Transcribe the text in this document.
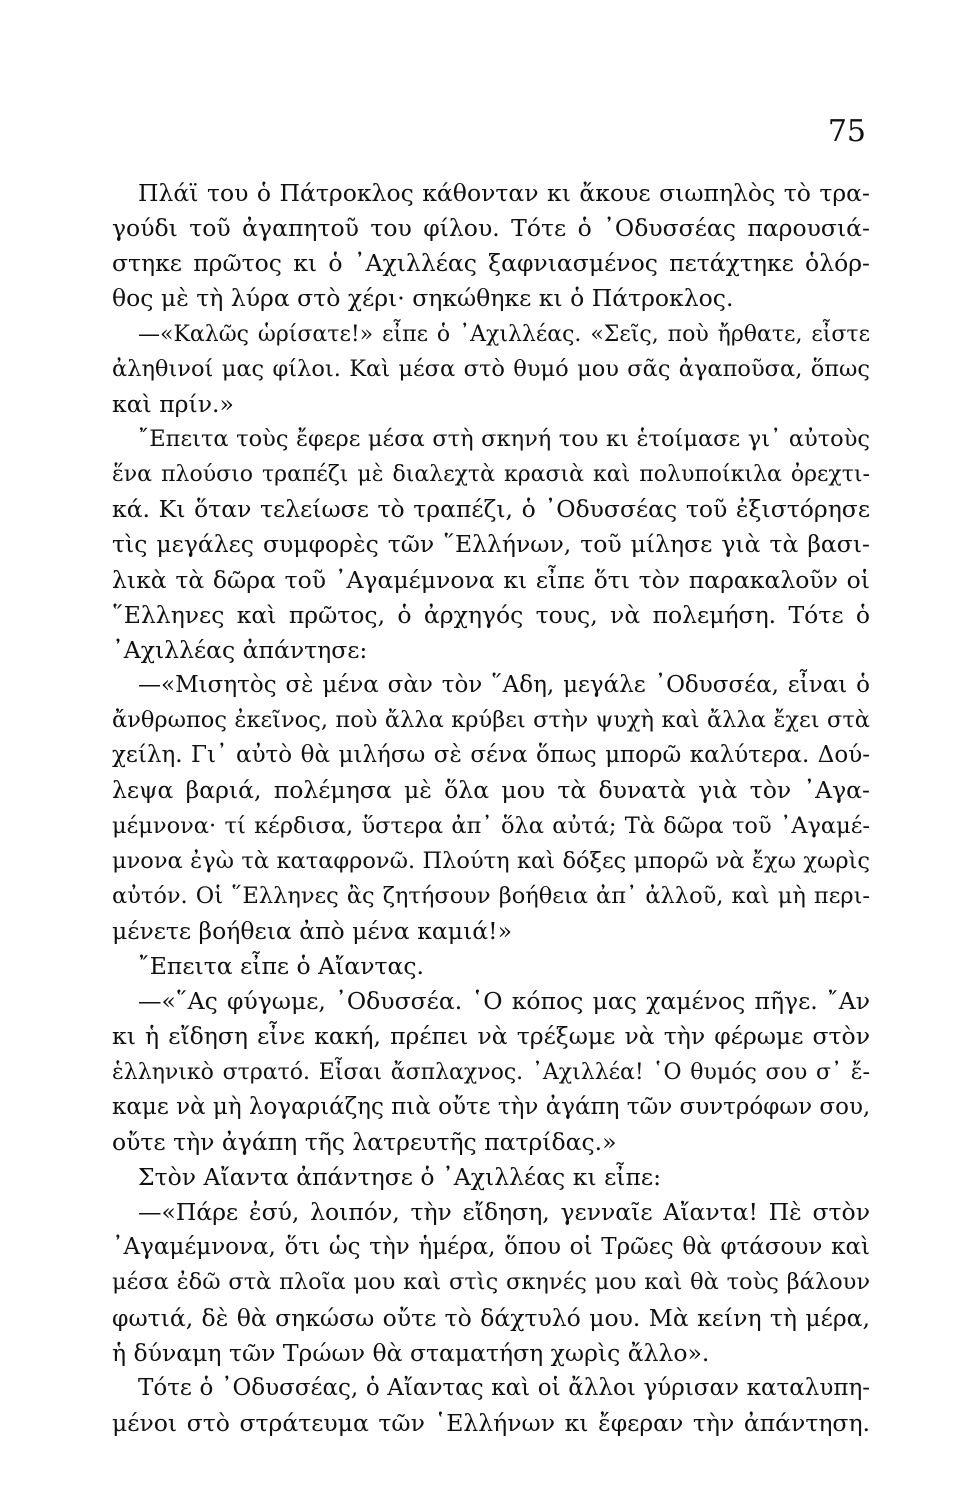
75
Πλάϊ του ὁ Πάτροκλος κάθονταν κι ἄκουε σιωπηλὸς τὸ τρα-
γούδι τοῦ ἀγαπητοῦ του φίλου. Τότε ὁ ᾿Οδυσσέας παρουσιά-
στηκε πρῶτος κι ὁ ᾿Αχιλλέας ξαφνιασμένος πετάχτηκε ὁλόρ-
θος μὲ τὴ λύρα στὸ χέρι· σηκώθηκε κι ὁ Πάτροκλος.
—«Καλῶς ὡρίσατε!» εἶπε ὁ ᾿Αχιλλέας. «Σεῖς, ποὺ ἤρθατε, εἶστε
ἀληθινοί μας φίλοι. Καὶ μέσα στὸ θυμό μου σᾶς ἀγαποῦσα, ὅπως
καὶ πρίν.»
῎Επειτα τοὺς ἔφερε μέσα στὴ σκηνή του κι ἑτοίμασε γι᾿ αὐτοὺς
ἕνα πλούσιο τραπέζι μὲ διαλεχτὰ κρασιὰ καὶ πολυποίκιλα ὀρεχτι-
κά. Κι ὅταν τελείωσε τὸ τραπέζι, ὁ ᾿Οδυσσέας τοῦ ἐξιστόρησε
τὶς μεγάλες συμφορὲς τῶν ῞Ελλήνων, τοῦ μίλησε γιὰ τὰ βασι-
λικὰ τὰ δῶρα τοῦ ᾿Αγαμέμνονα κι εἶπε ὅτι τὸν παρακαλοῦν οἱ
῞Ελληνες καὶ πρῶτος, ὁ ἀρχηγός τους, νὰ πολεμήση. Τότε ὁ
᾿Αχιλλέας ἀπάντησε:
—«Μισητὸς σὲ μένα σὰν τὸν ῞Αδη, μεγάλε ᾿Οδυσσέα, εἶναι ὁ
ἄνθρωπος ἐκεῖνος, ποὺ ἄλλα κρύβει στὴν ψυχὴ καὶ ἄλλα ἔχει στὰ
χείλη. Γι᾿ αὐτὸ θὰ μιλήσω σὲ σένα ὅπως μπορῶ καλύτερα. Δού-
λεψα βαριά, πολέμησα μὲ ὅλα μου τὰ δυνατὰ γιὰ τὸν ᾿Αγα-
μέμνονα· τί κέρδισα, ὕστερα ἀπ᾿ ὅλα αὐτά; Τὰ δῶρα τοῦ ᾿Αγαμέ-
μνονα ἐγὼ τὰ καταφρονῶ. Πλούτη καὶ δόξες μπορῶ νὰ ἔχω χωρὶς
αὐτόν. Οἱ ῞Ελληνες ἂς ζητήσουν βοήθεια ἀπ᾿ ἀλλοῦ, καὶ μὴ περι-
μένετε βοήθεια ἀπὸ μένα καμιά!»
῎Επειτα εἶπε ὁ Αἴαντας.
—«῞Ας φύγωμε, ᾿Οδυσσέα. ῾Ο κόπος μας χαμένος πῆγε. ῎Αν
κι ἡ εἴδηση εἶνε κακή, πρέπει νὰ τρέξωμε νὰ τὴν φέρωμε στὸν
ἑλληνικὸ στρατό. Εἶσαι ἄσπλαχνος. ᾿Αχιλλέα! ῾Ο θυμός σου σ᾿ ἔ-
καμε νὰ μὴ λογαριάζης πιὰ οὔτε τὴν ἀγάπη τῶν συντρόφων σου,
οὔτε τὴν ἀγάπη τῆς λατρευτῆς πατρίδας.»
Στὸν Αἴαντα ἀπάντησε ὁ ᾿Αχιλλέας κι εἶπε:
—«Πάρε ἐσύ, λοιπόν, τὴν εἴδηση, γενναῖε Αἴαντα! Πὲ στὸν
᾿Αγαμέμνονα, ὅτι ὡς τὴν ἡμέρα, ὅπου οἱ Τρῶες θὰ φτάσουν καὶ
μέσα ἐδῶ στὰ πλοῖα μου καὶ στὶς σκηνές μου καὶ θὰ τοὺς βάλουν
φωτιά, δὲ θὰ σηκώσω οὔτε τὸ δάχτυλό μου. Μὰ κείνη τὴ μέρα,
ἡ δύναμη τῶν Τρώων θὰ σταματήση χωρὶς ἄλλο».
Τότε ὁ ᾿Οδυσσέας, ὁ Αἴαντας καὶ οἱ ἄλλοι γύρισαν καταλυπη-
μένοι στὸ στράτευμα τῶν ῾Ελλήνων κι ἔφεραν τὴν ἀπάντηση.
